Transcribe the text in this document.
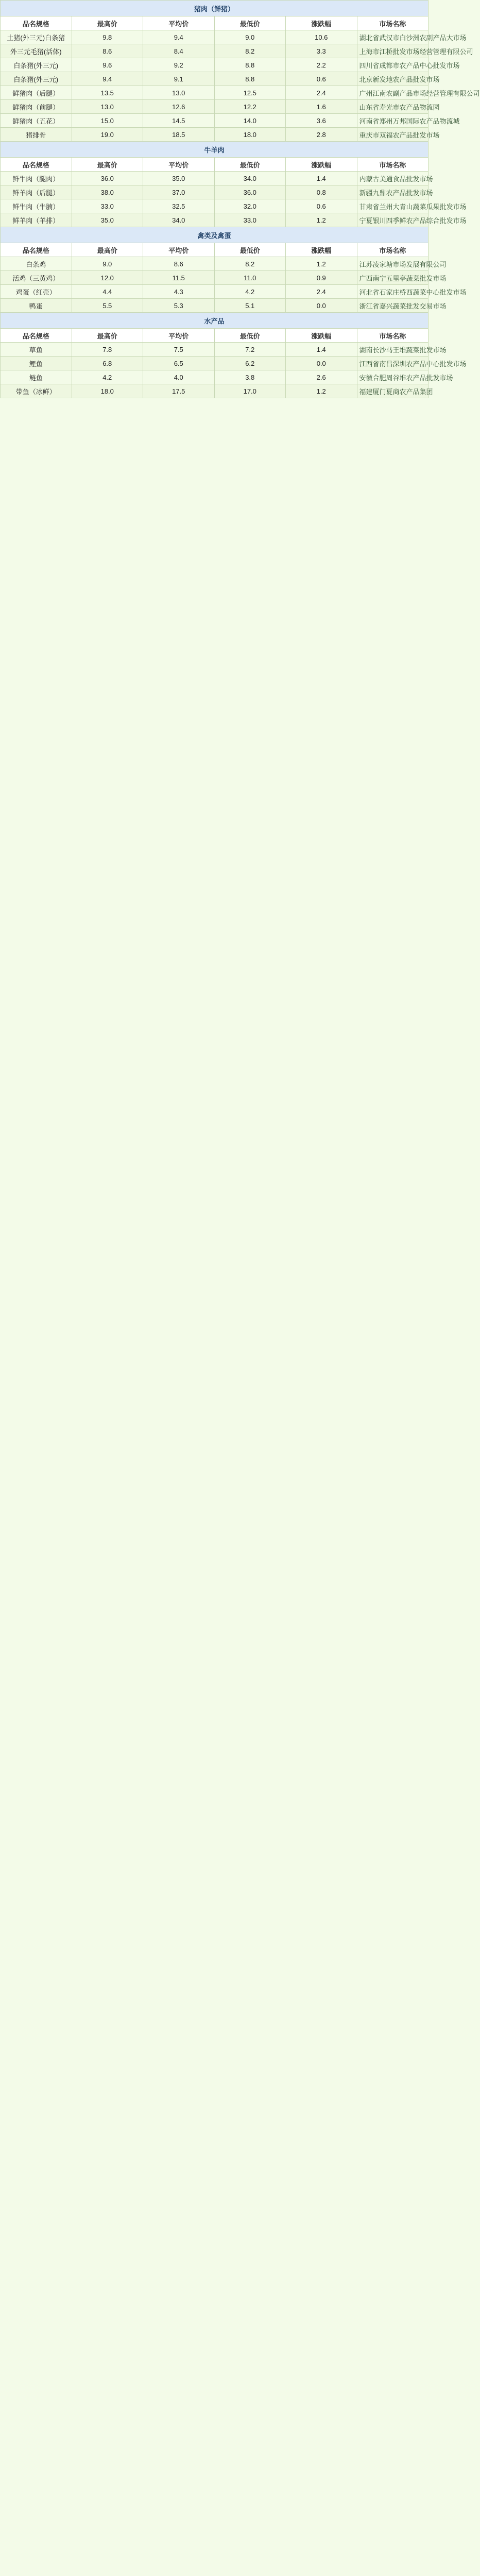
猪肉（鲜猪）					
品名规格	最高价	平均价	最低价	涨跌幅	市场名称
土猪(外三元)白条猪	9.8	9.4	9.0	10.6	湖北省武汉市白沙洲农副产品大市场
外三元毛猪(活体)	8.6	8.4	8.2	3.3	上海市江桥批发市场经营管理有限公司
白条猪(外三元)	9.6	9.2	8.8	2.2	四川省成都市农产品中心批发市场
白条猪(外三元)	9.4	9.1	8.8	0.6	北京新发地农产品批发市场
鲜猪肉（后腿）	13.5	13.0	12.5	2.4	广州江南农副产品市场经营管理有限公司
鲜猪肉（前腿）	13.0	12.6	12.2	1.6	山东省寿光市农产品物流园
鲜猪肉（五花）	15.0	14.5	14.0	3.6	河南省郑州万邦国际农产品物流城
猪排骨	19.0	18.5	18.0	2.8	重庆市双福农产品批发市场
牛羊肉					
品名规格	最高价	平均价	最低价	涨跌幅	市场名称
鲜牛肉（腿肉）	36.0	35.0	34.0	1.4	内蒙古美通食品批发市场
鲜羊肉（后腿）	38.0	37.0	36.0	0.8	新疆九鼎农产品批发市场
鲜牛肉（牛腩）	33.0	32.5	32.0	0.6	甘肃省兰州大青山蔬菜瓜果批发市场
鲜羊肉（羊排）	35.0	34.0	33.0	1.2	宁夏银川四季鲜农产品综合批发市场
禽类及禽蛋					
品名规格	最高价	平均价	最低价	涨跌幅	市场名称
白条鸡	9.0	8.6	8.2	1.2	江苏凌家塘市场发展有限公司
活鸡（三黄鸡）	12.0	11.5	11.0	0.9	广西南宁五里亭蔬菜批发市场
鸡蛋（红壳）	4.4	4.3	4.2	2.4	河北省石家庄桥西蔬菜中心批发市场
鸭蛋	5.5	5.3	5.1	0.0	浙江省嘉兴蔬菜批发交易市场
水产品					
品名规格	最高价	平均价	最低价	涨跌幅	市场名称
草鱼	7.8	7.5	7.2	1.4	湖南长沙马王堆蔬菜批发市场
鲤鱼	6.8	6.5	6.2	0.0	江西省南昌深圳农产品中心批发市场
鲢鱼	4.2	4.0	3.8	2.6	安徽合肥周谷堆农产品批发市场
带鱼（冰鲜）	18.0	17.5	17.0	1.2	福建厦门夏商农产品集团
